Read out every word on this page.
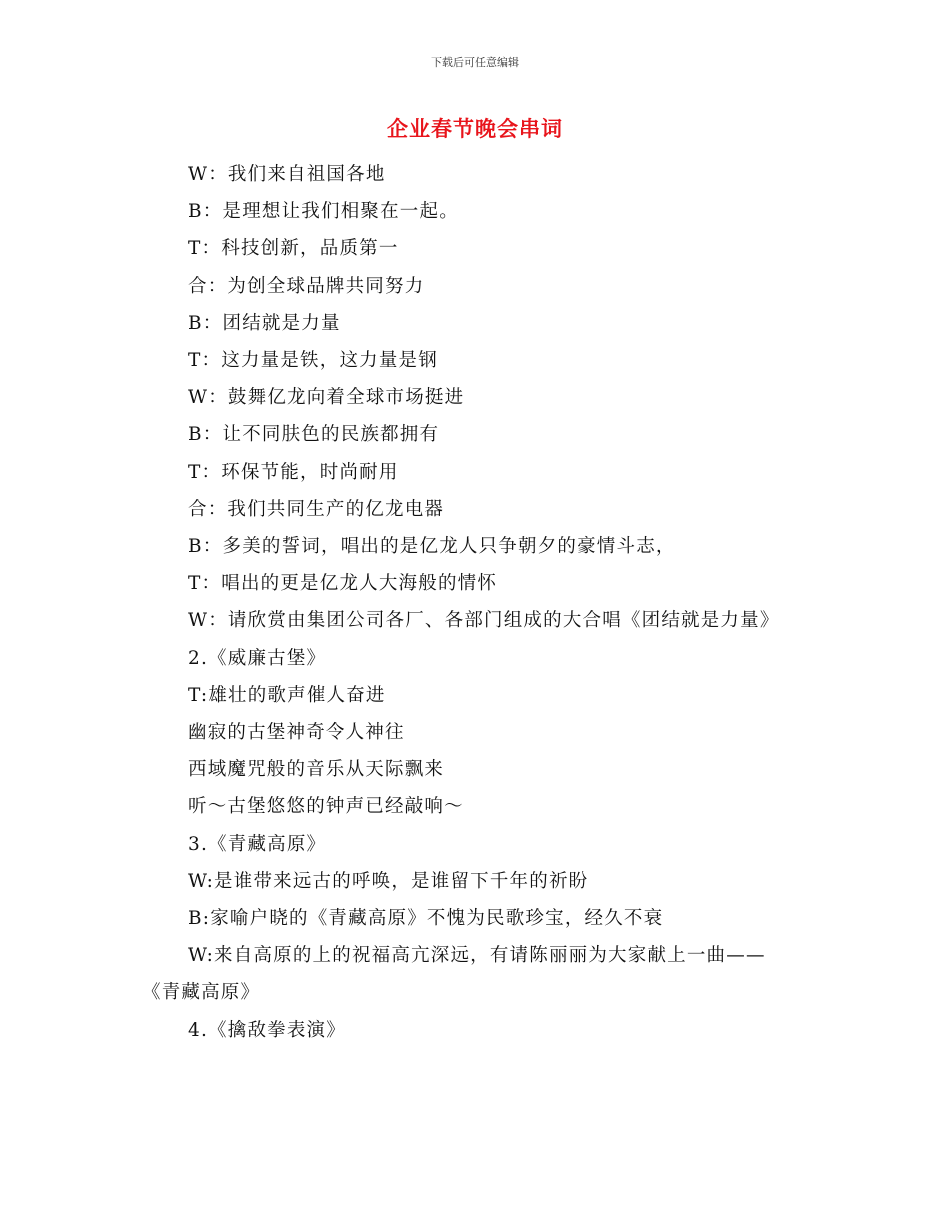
下载后可任意编辑
企业春节晚会串词

W：我们来自祖国各地

B：是理想让我们相聚在一起。

T：科技创新，品质第一

合：为创全球品牌共同努力

B：团结就是力量

T：这力量是铁，这力量是钢

W：鼓舞亿龙向着全球市场挺进

B：让不同肤色的民族都拥有

T：环保节能，时尚耐用

合：我们共同生产的亿龙电器

B：多美的誓词，唱出的是亿龙人只争朝夕的豪情斗志，

T：唱出的更是亿龙人大海般的情怀

W：请欣赏由集团公司各厂、各部门组成的大合唱《团结就是力量》

2.《威廉古堡》

T:雄壮的歌声催人奋进

幽寂的古堡神奇令人神往

西域魔咒般的音乐从天际飘来

听～古堡悠悠的钟声已经敲响～

3.《青藏高原》

W:是谁带来远古的呼唤，是谁留下千年的祈盼

B:家喻户晓的《青藏高原》不愧为民歌珍宝，经久不衰

W:来自高原的上的祝福高亢深远，有请陈丽丽为大家献上一曲——《青藏高原》

4.《擒敌拳表演》
